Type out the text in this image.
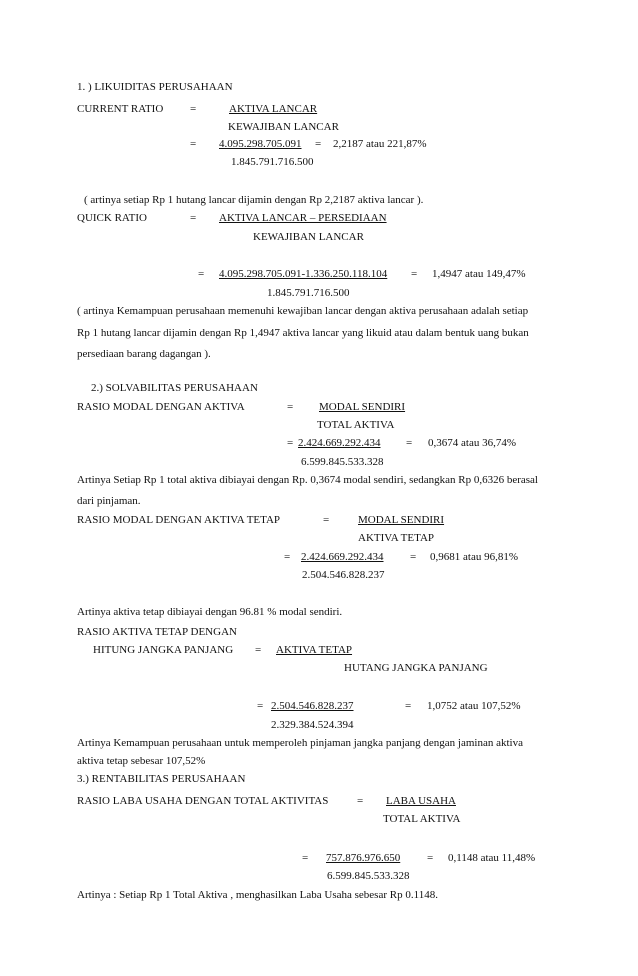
1. ) LIKUIDITAS PERUSAHAAN
CURRENT RATIO =	AKTIVA LANCAR
KEWAJIBAN LANCAR
= 4.095.298.705.091 = 2,2187 atau 221,87%
1.845.791.716.500
( artinya setiap Rp 1 hutang lancar dijamin dengan Rp 2,2187 aktiva lancar ).
QUICK RATIO	= AKTIVA LANCAR – PERSEDIAAN
KEWAJIBAN LANCAR
= 4.095.298.705.091-1.336.250.118.104 = 1,4947 atau 149,47%
1.845.791.716.500
( artinya Kemampuan perusahaan memenuhi kewajiban lancar dengan aktiva perusahaan adalah setiap
Rp 1 hutang lancar dijamin dengan Rp 1,4947 aktiva lancar yang likuid atau dalam bentuk uang bukan
persediaan barang dagangan ).
2.) SOLVABILITAS PERUSAHAAN
RASIO MODAL DENGAN AKTIVA	=	MODAL SENDIRI
TOTAL AKTIVA
= 2.424.669.292.434 = 0,3674 atau 36,74%
6.599.845.533.328
Artinya Setiap Rp 1 total aktiva dibiayai dengan Rp. 0,3674 modal sendiri, sedangkan Rp 0,6326 berasal
dari pinjaman.
RASIO MODAL DENGAN AKTIVA TETAP	=	MODAL SENDIRI
AKTIVA TETAP
= 2.424.669.292.434 = 0,9681 atau 96,81%
2.504.546.828.237
Artinya aktiva tetap dibiayai dengan 96.81 % modal sendiri.
RASIO AKTIVA TETAP DENGAN
HITUNG JANGKA PANJANG =	AKTIVA TETAP
HUTANG JANGKA PANJANG
= 2.504.546.828.237	= 1,0752 atau 107,52%
2.329.384.524.394
Artinya Kemampuan perusahaan untuk memperoleh pinjaman jangka panjang dengan jaminan aktiva
aktiva tetap sebesar 107,52%
3.) RENTABILITAS PERUSAHAAN
RASIO LABA USAHA DENGAN TOTAL AKTIVITAS	= LABA USAHA
TOTAL AKTIVA
= 757.876.976.650 = 0,1148 atau 11,48%
6.599.845.533.328
Artinya : Setiap Rp 1 Total Aktiva , menghasilkan Laba Usaha sebesar Rp 0.1148.
